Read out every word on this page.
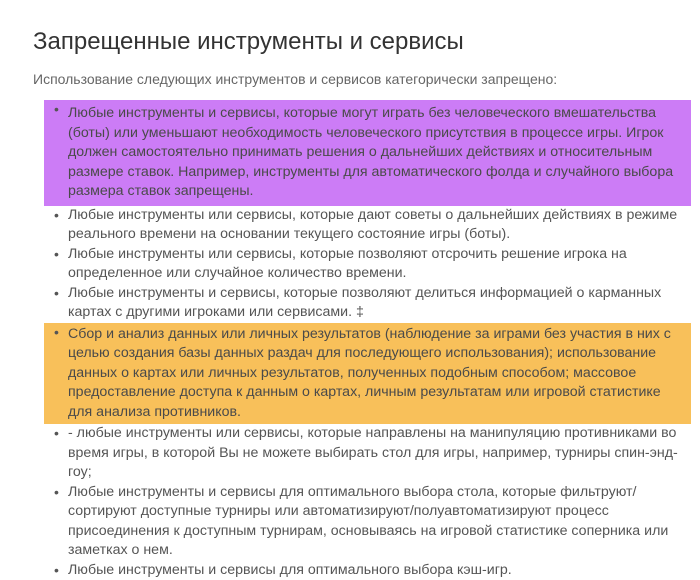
Запрещенные инструменты и сервисы

Использование следующих инструментов и сервисов категорически запрещено:

• Любые инструменты и сервисы, которые могут играть без человеческого вмешательства (боты) или уменьшают необходимость человеческого присутствия в процессе игры. Игрок должен самостоятельно принимать решения о дальнейших действиях и относительным размере ставок. Например, инструменты для автоматического фолда и случайного выбора размера ставок запрещены.
• Любые инструменты или сервисы, которые дают советы о дальнейших действиях в режиме реального времени на основании текущего состояние игры (боты).
• Любые инструменты или сервисы, которые позволяют отсрочить решение игрока на определенное или случайное количество времени.
• Любые инструменты и сервисы, которые позволяют делиться информацией о карманных картах с другими игроками или сервисами. ‡
• Сбор и анализ данных или личных результатов (наблюдение за играми без участия в них с целью создания базы данных раздач для последующего использования); использование данных о картах или личных результатов, полученных подобным способом; массовое предоставление доступа к данным о картах, личным результатам или игровой статистике для анализа противников.
• - любые инструменты или сервисы, которые направлены на манипуляцию противниками во время игры, в которой Вы не можете выбирать стол для игры, например, турниры спин-энд-гоу;
• Любые инструменты и сервисы для оптимального выбора стола, которые фильтруют/сортируют доступные турниры или автоматизируют/полуавтоматизируют процесс присоединения к доступным турнирам, основываясь на игровой статистике соперника или заметках о нем.
• Любые инструменты и сервисы для оптимального выбора кэш-игр.
